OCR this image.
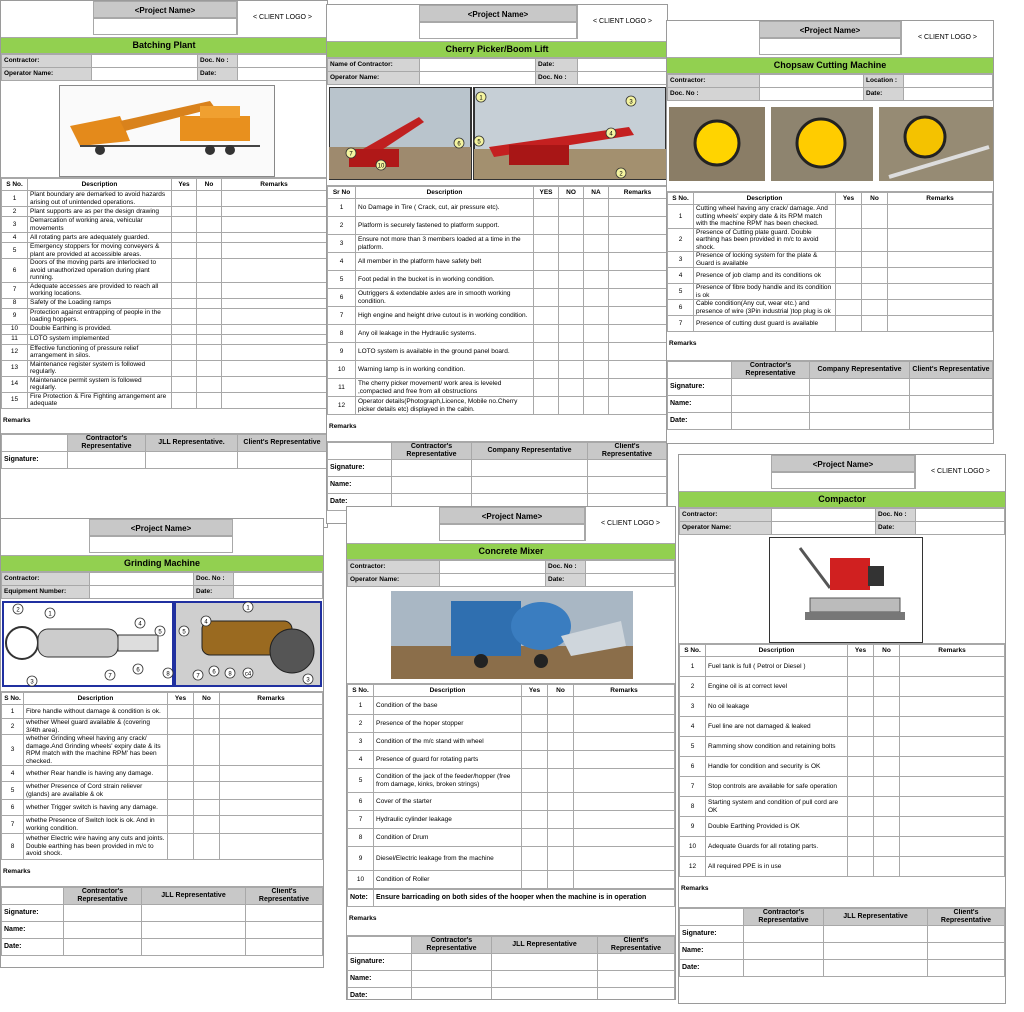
<Project Name>
< CLIENT LOGO >
Batching Plant
Contractor:		Doc. No :	
Operator Name:		Date:	
S No.	Description	Yes	No	Remarks
1	Plant boundary are demarked to avoid hazards arising out of unintended operations.			
2	Plant supports are as per the design drawing			
3	Demarcation of working area, vehicular movements			
4	All rotating parts are adequately guarded.			
5	Emergency stoppers for moving conveyers & plant are provided at accessible areas.			
6	Doors of the moving parts are interlocked to avoid unauthorized operation during plant running.			
7	Adequate accesses are provided to reach all working locations.			
8	Safety of the Loading ramps			
9	Protection against entrapping of people in the loading hoppers.			
10	Double Earthing is provided.			
11	LOTO system implemented			
12	Effective functioning of pressure relief arrangement in silos.			
13	Maintenance register system is followed regularly.			
14	Maintenance permit system is followed regularly.			
15	Fire Protection & Fire Fighting arrangement are adequate			
Remarks
	Contractor's Representative	JLL Representative.	Client's Representative
Signature:			
<Project Name>
< CLIENT LOGO >
Cherry Picker/Boom Lift
Name of Contractor:		Date:	
Operator Name:		Doc. No :	
1
2
3
4
5
6
7
10
Sr No	Description	YES	NO	NA	Remarks
1	No Damage in Tire ( Crack, cut, air pressure etc).				
2	Platform is securely fastened to platform support.				
3	Ensure not more than 3 members loaded at a time in the platform.				
4	All member in the platform have safety belt				
5	Foot pedal in the bucket is in working condition.				
6	Outriggers & extendable axles are in smooth working condition.				
7	High engine and height drive cutout is in working condition.				
8	Any oil leakage in the Hydraulic systems.				
9	LOTO system is available in the ground panel board.				
10	Warning lamp is in working condition.				
11	The cherry picker movement/ work area is leveled ,compacted and free from all obstructions				
12	Operator details(Photograph,Licence, Mobile no.Cherry picker details etc) displayed in the cabin.				
Remarks
	Contractor's Representative	Company Representative	Client's Representative
Signature:			
Name:			
Date:			
<Project Name>
< CLIENT LOGO >
Chopsaw Cutting Machine
Contractor:		Location :	
Doc. No :		Date:	
S No.	Description	Yes	No	Remarks
1	Cutting wheel having any crack/ damage. And cutting wheels' expiry date & its RPM match with the machine RPM' has been checked.			
2	Presence of Cutting plate guard. Double earthing has been provided in m/c to avoid shock.			
3	Presence of locking system for the plate & Guard is available			
4	Presence of job clamp and its conditions ok			
5	Presence of fibre body handle and its condition is ok			
6	Cable condition(Any cut, wear etc.) and presence of wire (3Pin industrial )top plug is ok			
7	Presence of cutting dust guard is available			
Remarks
	Contractor's Representative	Company Representative	Client's Representative
Signature:			
Name:			
Date:			
<Project Name>
Grinding Machine
Contractor:		Doc. No :	
Equipment Number:		Date:	
1
2
3
4
5
6
7	8
1
3
4
5
6
7	8 c4
S No.	Description	Yes	No	Remarks
1	Fibre handle without damage & condition is ok.			
2	whether Wheel guard available & (covering 3/4th area).			
3	whether Grinding wheel having any crack/ damage.And Grinding wheels' expiry date & its RPM match with the machine RPM' has been checked.			
4	whether Rear handle is having any damage.			
5	whether Presence of Cord strain reliever (glands) are available & ok			
6	whether Trigger switch is having any damage.			
7	whethe Presence of Switch lock is ok. And in working condition.			
8	whether Electric wire having any cuts and joints. Double earthing has been provided in m/c to avoid shock.			
Remarks
	Contractor's Representative	JLL Representative	Client's Representative
Signature:			
Name:			
Date:			
<Project Name>
< CLIENT LOGO >
Concrete Mixer
Contractor:		Doc. No :	
Operator Name:		Date:	
S No.	Description	Yes	No	Remarks
1	Condition of the base			
2	Presence of the hoper stopper			
3	Condition of the m/c stand with wheel			
4	Presence of guard for rotating parts			
5	Condition of the jack of the feeder/hopper (free from damage, kinks, broken strings)			
6	Cover of the starter			
7	Hydraulic cylinder leakage			
8	Condition of Drum			
9	Diesel/Electric leakage from the machine			
10	Condition of Roller			
Note:	Ensure barricading on both sides of the hooper when the machine is in operation
Remarks
	Contractor's Representative	JLL Representative	Client's Representative
Signature:			
Name:			
Date:			
<Project Name>
< CLIENT LOGO >
Compactor
Contractor:		Doc. No :	
Operator Name:		Date:	
S No.	Description	Yes	No	Remarks
1	Fuel tank is full ( Petrol or Diesel )			
2	Engine oil is at correct level			
3	No oil leakage			
4	Fuel line are not damaged & leaked			
5	Ramming show condition and retaining bolts			
6	Handle for condition and security is OK			
7	Stop controls are available for safe operation			
8	Starting system and condition of pull cord are OK			
9	Double Earthing Provided is OK			
10	Adequate Guards for all rotating parts.			
12	All required PPE is in use			
Remarks
	Contractor's Representative	JLL Representative	Client's Representative
Signature:			
Name:			
Date:			
